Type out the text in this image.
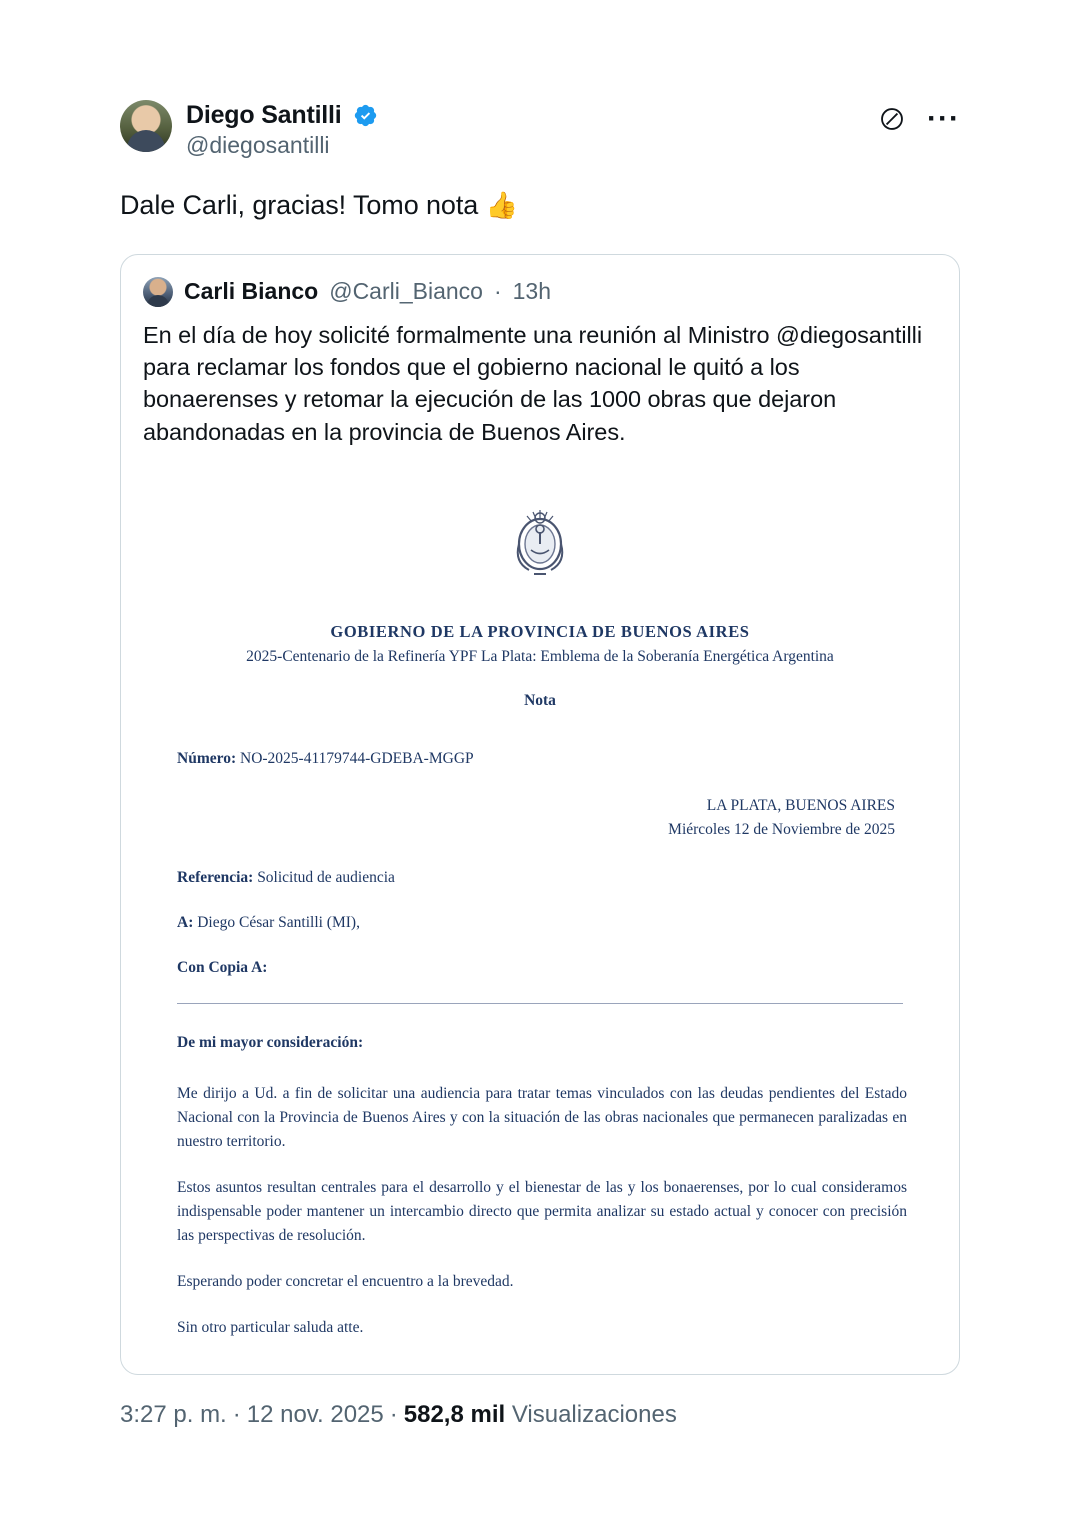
Diego Santilli
@diegosantilli
···
Dale Carli, gracias! Tomo nota 👍
Carli Bianco @Carli_Bianco · 13h
En el día de hoy solicité formalmente una reunión al Ministro @diegosantilli para reclamar los fondos que el gobierno nacional le quitó a los bonaerenses y retomar la ejecución de las 1000 obras que dejaron abandonadas en la provincia de Buenos Aires.
GOBIERNO DE LA PROVINCIA DE BUENOS AIRES
2025-Centenario de la Refinería YPF La Plata: Emblema de la Soberanía Energética Argentina
Nota
Número: NO-2025-41179744-GDEBA-MGGP
LA PLATA, BUENOS AIRES
Miércoles 12 de Noviembre de 2025
Referencia: Solicitud de audiencia
A: Diego César Santilli (MI),
Con Copia A:
De mi mayor consideración:
Me dirijo a Ud. a fin de solicitar una audiencia para tratar temas vinculados con las deudas pendientes del Estado Nacional con la Provincia de Buenos Aires y con la situación de las obras nacionales que permanecen paralizadas en nuestro territorio.
Estos asuntos resultan centrales para el desarrollo y el bienestar de las y los bonaerenses, por lo cual consideramos indispensable poder mantener un intercambio directo que permita analizar su estado actual y conocer con precisión las perspectivas de resolución.
Esperando poder concretar el encuentro a la brevedad.
Sin otro particular saluda atte.
3:27 p. m. · 12 nov. 2025 · 582,8 mil Visualizaciones
